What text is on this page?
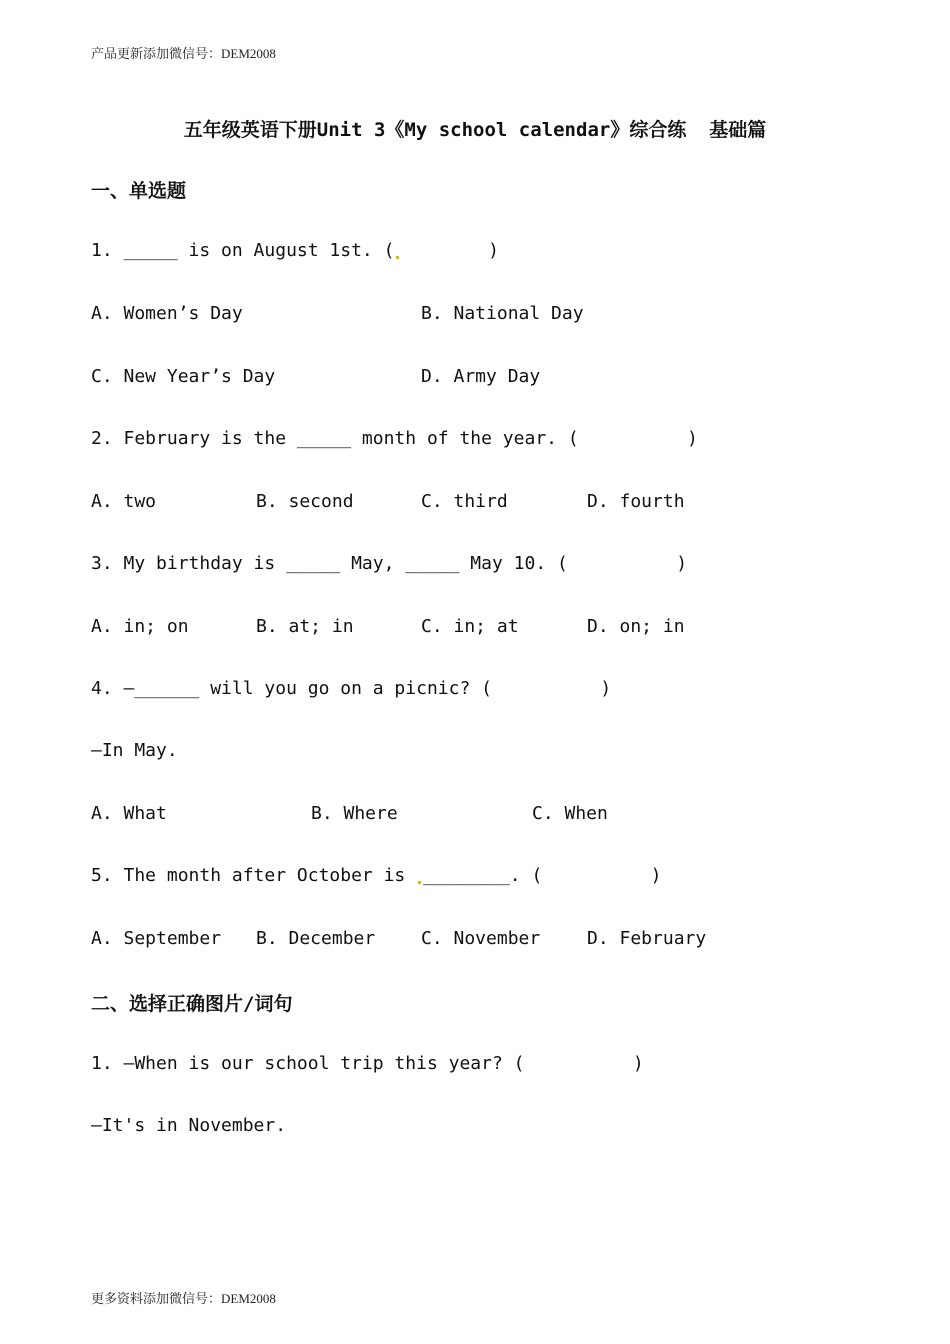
产品更新添加微信号：DEM2008
五年级英语下册Unit 3《My school calendar》综合练  基础篇
一、单选题
1. _____ is on August 1st. (        )
A. Women’s Day	B. National Day
C. New Year’s Day	D. Army Day
2. February is the _____ month of the year. (          )
A. two	B. second	C. third	D. fourth
3. My birthday is _____ May, _____ May 10. (          )
A. in; on	B. at; in	C. in; at	D. on; in
4. —______ will you go on a picnic? (          )
—In May.
A. What	B. Where	C. When
5. The month after October is ________. (          )
A. September B. December	C. November	D. February
二、选择正确图片/词句
1. —When is our school trip this year? (          )
—It's in November.
更多资料添加微信号：DEM2008
